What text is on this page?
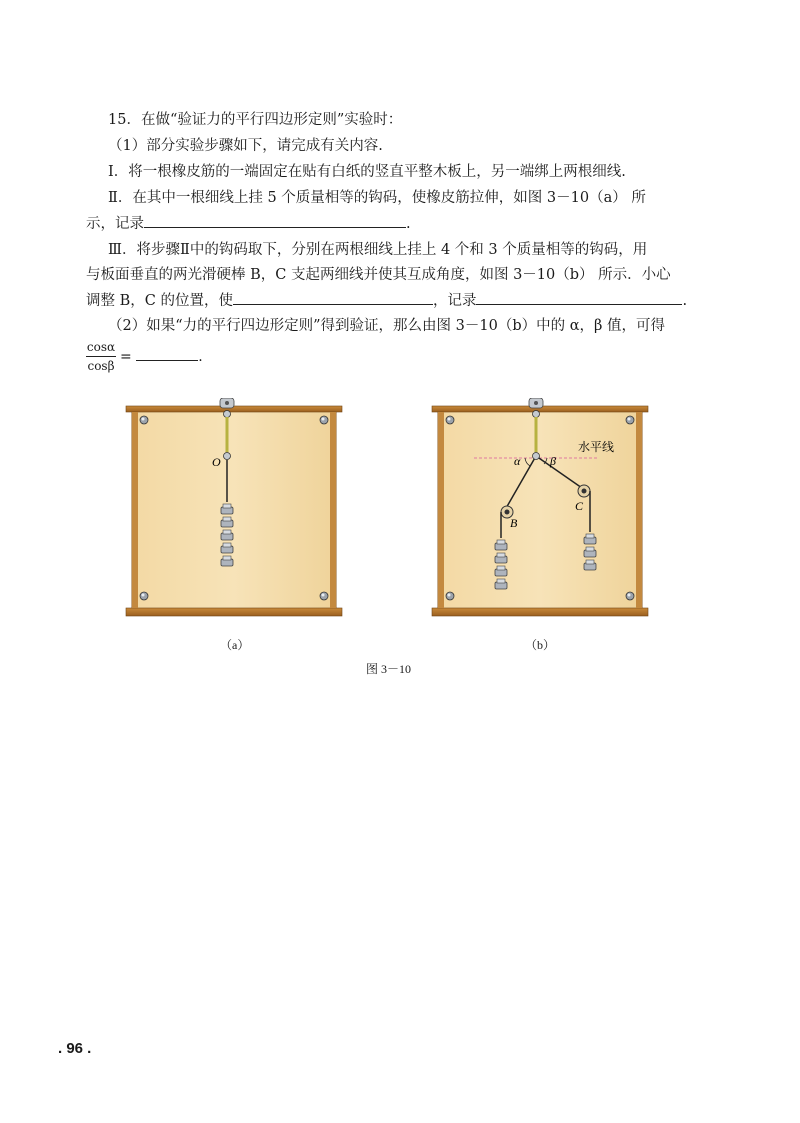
15．在做“验证力的平行四边形定则”实验时：
（1）部分实验步骤如下，请完成有关内容.
Ⅰ．将一根橡皮筋的一端固定在贴有白纸的竖直平整木板上，另一端绑上两根细线.
Ⅱ．在其中一根细线上挂 5 个质量相等的钩码，使橡皮筋拉伸，如图 3－10（a） 所
示，记录	.
Ⅲ．将步骤Ⅱ中的钩码取下，分别在两根细线上挂上 4 个和 3 个质量相等的钩码，用
与板面垂直的两光滑硬棒 B，C 支起两细线并使其互成角度，如图 3－10（b） 所示．小心
调整 B，C 的位置，使	，记录	.
（2）如果“力的平行四边形定则”得到验证，那么由图 3－10（b）中的 α，β 值，可得
cosα
cosβ
=	.
O	α β
水平线
B
C
（a）	（b）
图 3－10
. 96 .
